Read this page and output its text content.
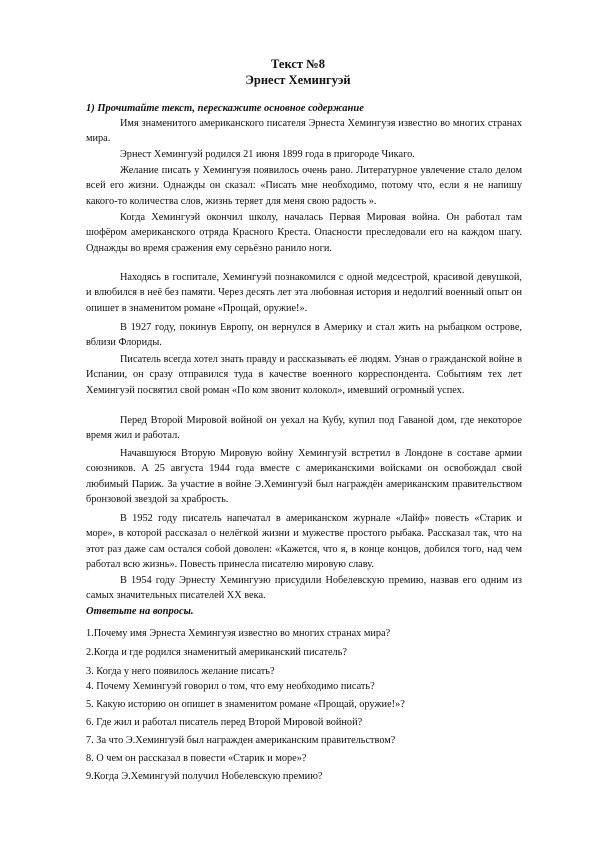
Текст №8
Эрнест Хемингуэй
1) Прочитайте текст, перескажите основное содержание

Имя знаменитого американского писателя Эрнеста Хемингуэя известно во многих странах мира.

Эрнест Хемингуэй родился 21 июня 1899 года в пригороде Чикаго.

Желание писать у Хемингуэя появилось очень рано. Литературное увлечение стало делом всей его жизни. Однажды он сказал: «Писать мне необходимо, потому что, если я не напишу какого-то количества слов, жизнь теряет для меня свою радость ».

Когда Хемингуэй окончил школу, началась Первая Мировая война. Он работал там шофёром американского отряда Красного Креста. Опасности преследовали его на каждом шагу. Однажды во время сражения ему серьёзно ранило ноги.

Находясь в госпитале, Хемингуэй познакомился с одной медсестрой, красивой девушкой, и влюбился в неё без памяти. Через десять лет эта любовная история и недолгий военный опыт он опишет в знаменитом романе «Прощай, оружие!».

В 1927 году, покинув Европу, он вернулся в Америку и стал жить на рыбацком острове, вблизи Флориды.

Писатель всегда хотел знать правду и рассказывать её людям. Узнав о гражданской войне в Испании, он сразу отправился туда в качестве военного корреспондента. Событиям тех лет Хемингуэй посвятил свой роман «По ком звонит колокол», имевший огромный успех.

Перед Второй Мировой войной он уехал на Кубу, купил под Гаваной дом, где некоторое время жил и работал.

Начавшуюся Вторую Мировую войну Хемингуэй встретил в Лондоне в составе армии союзников. А 25 августа 1944 года вместе с американскими войсками он освобождал свой любимый Париж. За участие в войне Э.Хемингуэй был награждён американским правительством бронзовой звездой за храбрость.

В 1952 году писатель напечатал в американском журнале «Лайф» повесть «Старик и море», в которой рассказал о нелёгкой жизни и мужестве простого рыбака. Рассказал так, что на этот раз даже сам остался собой доволен: «Кажется, что я, в конце концов, добился того, над чем работал всю жизнь». Повесть принесла писателю мировую славу.

В 1954 году Эрнесту Хемингуэю присудили Нобелевскую премию, назвав его одним из самых значительных писателей XX века.

Ответьте на вопросы.
1.Почему имя Эрнеста Хемингуэя известно во многих странах мира?
2.Когда и где родился знаменитый американский писатель?
3. Когда у него появилось желание писать?
4. Почему Хемингуэй говорил о том, что ему необходимо писать?
5. Какую историю он опишет в знаменитом романе «Прощай, оружие!»?
6. Где жил и работал писатель перед Второй Мировой войной?
7. За что Э.Хемингуэй был награжден американским правительством?
8. О чем он рассказал в повести «Старик и море»?
9.Когда Э.Хемингуэй получил Нобелевскую премию?
